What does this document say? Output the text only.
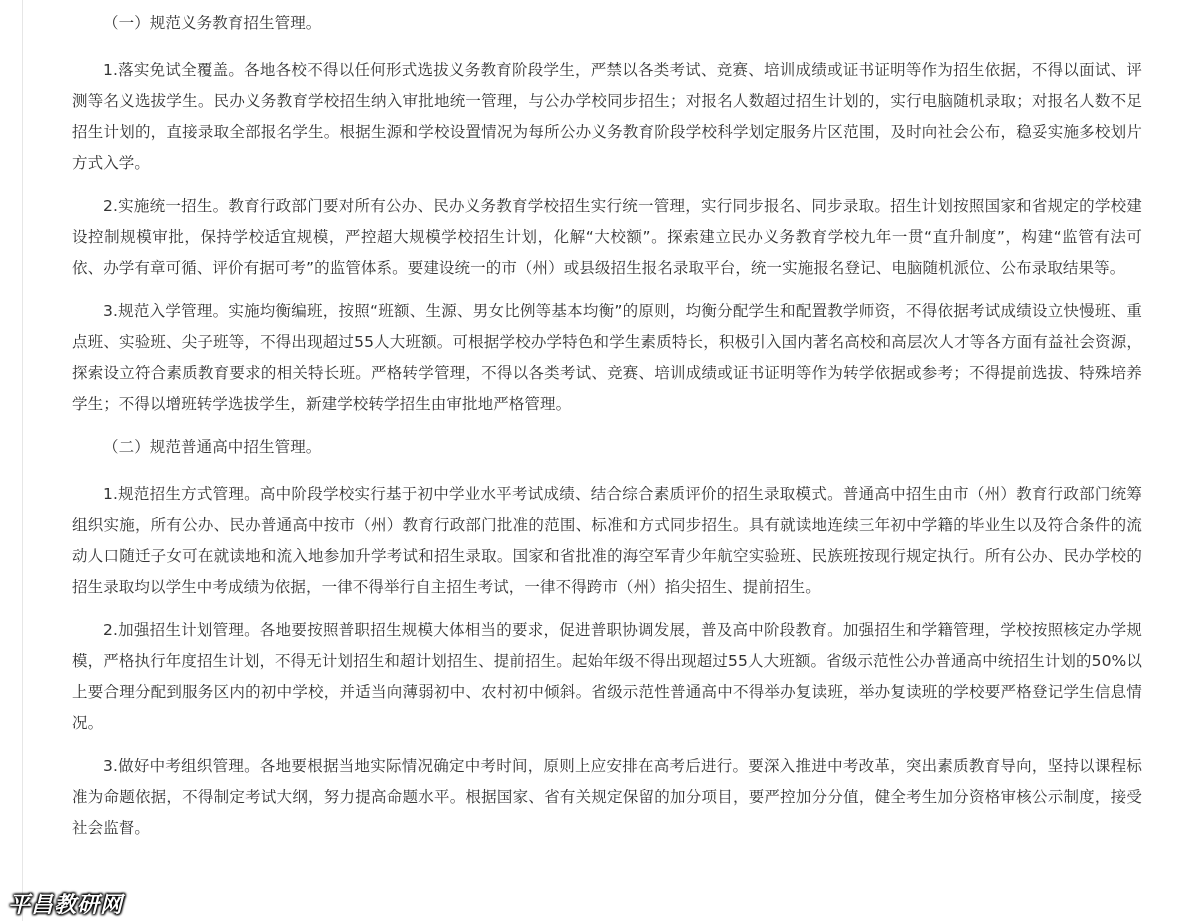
（一）规范义务教育招生管理。

1.落实免试全覆盖。各地各校不得以任何形式选拔义务教育阶段学生，严禁以各类考试、竞赛、培训成绩或证书证明等作为招生依据，不得以面试、评测等名义选拔学生。民办义务教育学校招生纳入审批地统一管理，与公办学校同步招生；对报名人数超过招生计划的，实行电脑随机录取；对报名人数不足招生计划的，直接录取全部报名学生。根据生源和学校设置情况为每所公办义务教育阶段学校科学划定服务片区范围，及时向社会公布，稳妥实施多校划片方式入学。

2.实施统一招生。教育行政部门要对所有公办、民办义务教育学校招生实行统一管理，实行同步报名、同步录取。招生计划按照国家和省规定的学校建设控制规模审批，保持学校适宜规模，严控超大规模学校招生计划，化解“大校额”。探索建立民办义务教育学校九年一贯“直升制度”，构建“监管有法可依、办学有章可循、评价有据可考”的监管体系。要建设统一的市（州）或县级招生报名录取平台，统一实施报名登记、电脑随机派位、公布录取结果等。

3.规范入学管理。实施均衡编班，按照“班额、生源、男女比例等基本均衡”的原则，均衡分配学生和配置教学师资，不得依据考试成绩设立快慢班、重点班、实验班、尖子班等，不得出现超过55人大班额。可根据学校办学特色和学生素质特长，积极引入国内著名高校和高层次人才等各方面有益社会资源，探索设立符合素质教育要求的相关特长班。严格转学管理，不得以各类考试、竞赛、培训成绩或证书证明等作为转学依据或参考；不得提前选拔、特殊培养学生；不得以增班转学选拔学生，新建学校转学招生由审批地严格管理。

（二）规范普通高中招生管理。

1.规范招生方式管理。高中阶段学校实行基于初中学业水平考试成绩、结合综合素质评价的招生录取模式。普通高中招生由市（州）教育行政部门统筹组织实施，所有公办、民办普通高中按市（州）教育行政部门批准的范围、标准和方式同步招生。具有就读地连续三年初中学籍的毕业生以及符合条件的流动人口随迁子女可在就读地和流入地参加升学考试和招生录取。国家和省批准的海空军青少年航空实验班、民族班按现行规定执行。所有公办、民办学校的招生录取均以学生中考成绩为依据，一律不得举行自主招生考试，一律不得跨市（州）掐尖招生、提前招生。

2.加强招生计划管理。各地要按照普职招生规模大体相当的要求，促进普职协调发展，普及高中阶段教育。加强招生和学籍管理，学校按照核定办学规模，严格执行年度招生计划，不得无计划招生和超计划招生、提前招生。起始年级不得出现超过55人大班额。省级示范性公办普通高中统招生计划的50%以上要合理分配到服务区内的初中学校，并适当向薄弱初中、农村初中倾斜。省级示范性普通高中不得举办复读班，举办复读班的学校要严格登记学生信息情况。

3.做好中考组织管理。各地要根据当地实际情况确定中考时间，原则上应安排在高考后进行。要深入推进中考改革，突出素质教育导向，坚持以课程标准为命题依据，不得制定考试大纲，努力提高命题水平。根据国家、省有关规定保留的加分项目，要严控加分分值，健全考生加分资格审核公示制度，接受社会监督。

平昌教研网
